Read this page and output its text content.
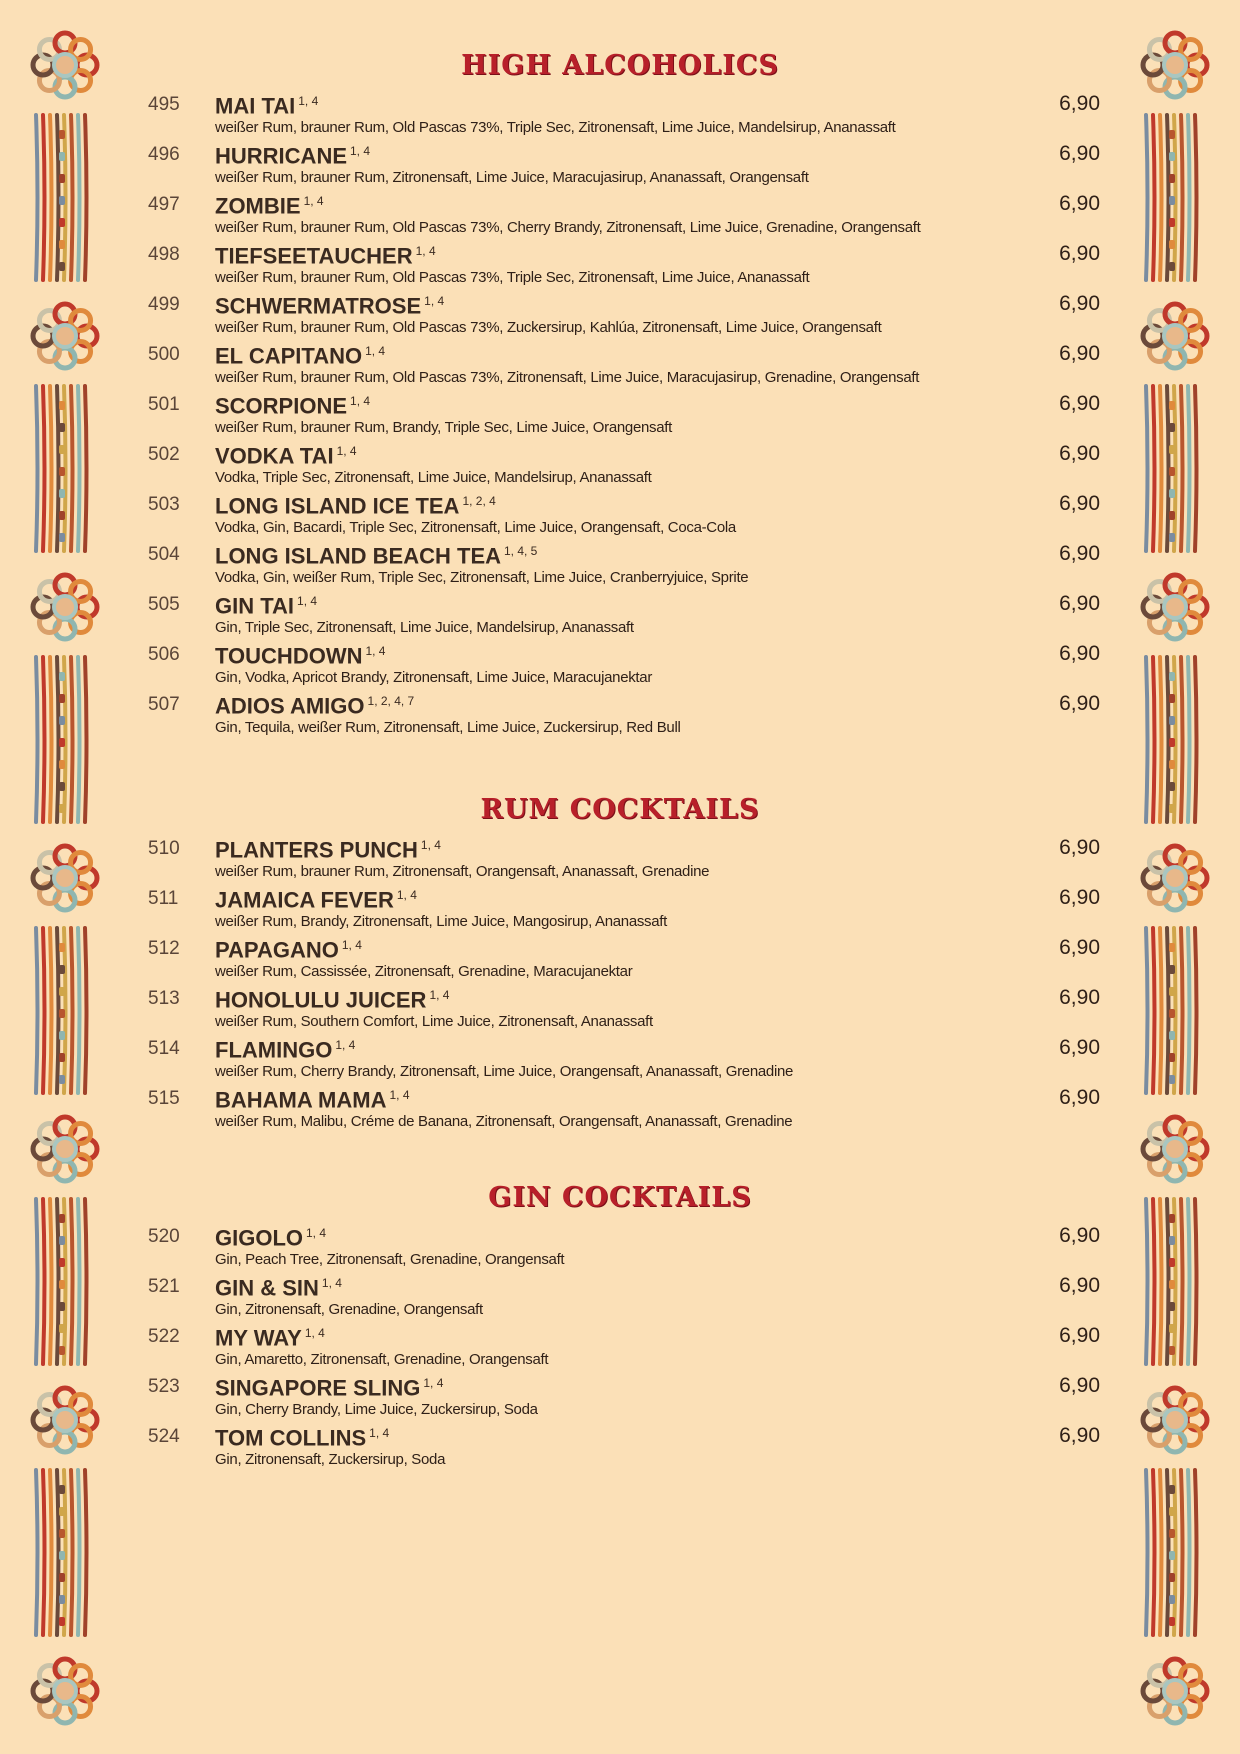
HIGH ALCOHOLICS
495	MAI TAI $^{1, 4}$
weißer Rum, brauner Rum, Old Pascas 73%, Triple Sec, Zitronensaft, Lime Juice, Mandelsirup, Ananassaft
6,90
496	HURRICANE $^{1, 4}$
weißer Rum, brauner Rum, Zitronensaft, Lime Juice, Maracujasirup, Ananassaft, Orangensaft
6,90
497	ZOMBIE $^{1, 4}$
weißer Rum, brauner Rum, Old Pascas 73%, Cherry Brandy, Zitronensaft, Lime Juice, Grenadine, Orangensaft
6,90
498	TIEFSEETAUCHER $^{1, 4}$
weißer Rum, brauner Rum, Old Pascas 73%, Triple Sec, Zitronensaft, Lime Juice, Ananassaft
6,90
499	SCHWERMATROSE $^{1, 4}$
weißer Rum, brauner Rum, Old Pascas 73%, Zuckersirup, Kahlúa, Zitronensaft, Lime Juice, Orangensaft
6,90
500	EL CAPITANO $^{1, 4}$
weißer Rum, brauner Rum, Old Pascas 73%, Zitronensaft, Lime Juice, Maracujasirup, Grenadine, Orangensaft
6,90
501	SCORPIONE $^{1, 4}$
weißer Rum, brauner Rum, Brandy, Triple Sec, Lime Juice, Orangensaft
6,90
502	VODKA TAI $^{1, 4}$
Vodka, Triple Sec, Zitronensaft, Lime Juice, Mandelsirup, Ananassaft
6,90
503	LONG ISLAND ICE TEA $^{1, 2, 4}$
Vodka, Gin, Bacardi, Triple Sec, Zitronensaft, Lime Juice, Orangensaft, Coca-Cola
6,90
504	LONG ISLAND BEACH TEA $^{1, 4, 5}$
Vodka, Gin, weißer Rum, Triple Sec, Zitronensaft, Lime Juice, Cranberryjuice, Sprite
6,90
505	GIN TAI $^{1, 4}$
Gin, Triple Sec, Zitronensaft, Lime Juice, Mandelsirup, Ananassaft
6,90
506	TOUCHDOWN $^{1, 4}$
Gin, Vodka, Apricot Brandy, Zitronensaft, Lime Juice, Maracujanektar
6,90
507	ADIOS AMIGO $^{1, 2, 4, 7}$
Gin, Tequila, weißer Rum, Zitronensaft, Lime Juice, Zuckersirup, Red Bull
6,90
RUM COCKTAILS
510	PLANTERS PUNCH $^{1, 4}$
weißer Rum, brauner Rum, Zitronensaft, Orangensaft, Ananassaft, Grenadine
6,90
511	JAMAICA FEVER $^{1, 4}$
weißer Rum, Brandy, Zitronensaft, Lime Juice, Mangosirup, Ananassaft
6,90
512	PAPAGANO $^{1, 4}$
weißer Rum, Cassissée, Zitronensaft, Grenadine, Maracujanektar
6,90
513	HONOLULU JUICER $^{1, 4}$
weißer Rum, Southern Comfort, Lime Juice, Zitronensaft, Ananassaft
6,90
514	FLAMINGO $^{1, 4}$
weißer Rum, Cherry Brandy, Zitronensaft, Lime Juice, Orangensaft, Ananassaft, Grenadine
6,90
515	BAHAMA MAMA $^{1, 4}$
weißer Rum, Malibu, Créme de Banana, Zitronensaft, Orangensaft, Ananassaft, Grenadine
6,90
GIN COCKTAILS
520	GIGOLO $^{1, 4}$
Gin, Peach Tree, Zitronensaft, Grenadine, Orangensaft
6,90
521	GIN & SIN $^{1, 4}$
Gin, Zitronensaft, Grenadine, Orangensaft
6,90
522	MY WAY $^{1, 4}$
Gin, Amaretto, Zitronensaft, Grenadine, Orangensaft
6,90
523	SINGAPORE SLING $^{1, 4}$
Gin, Cherry Brandy, Lime Juice, Zuckersirup, Soda
6,90
524	TOM COLLINS $^{1, 4}$
Gin, Zitronensaft, Zuckersirup, Soda
6,90
